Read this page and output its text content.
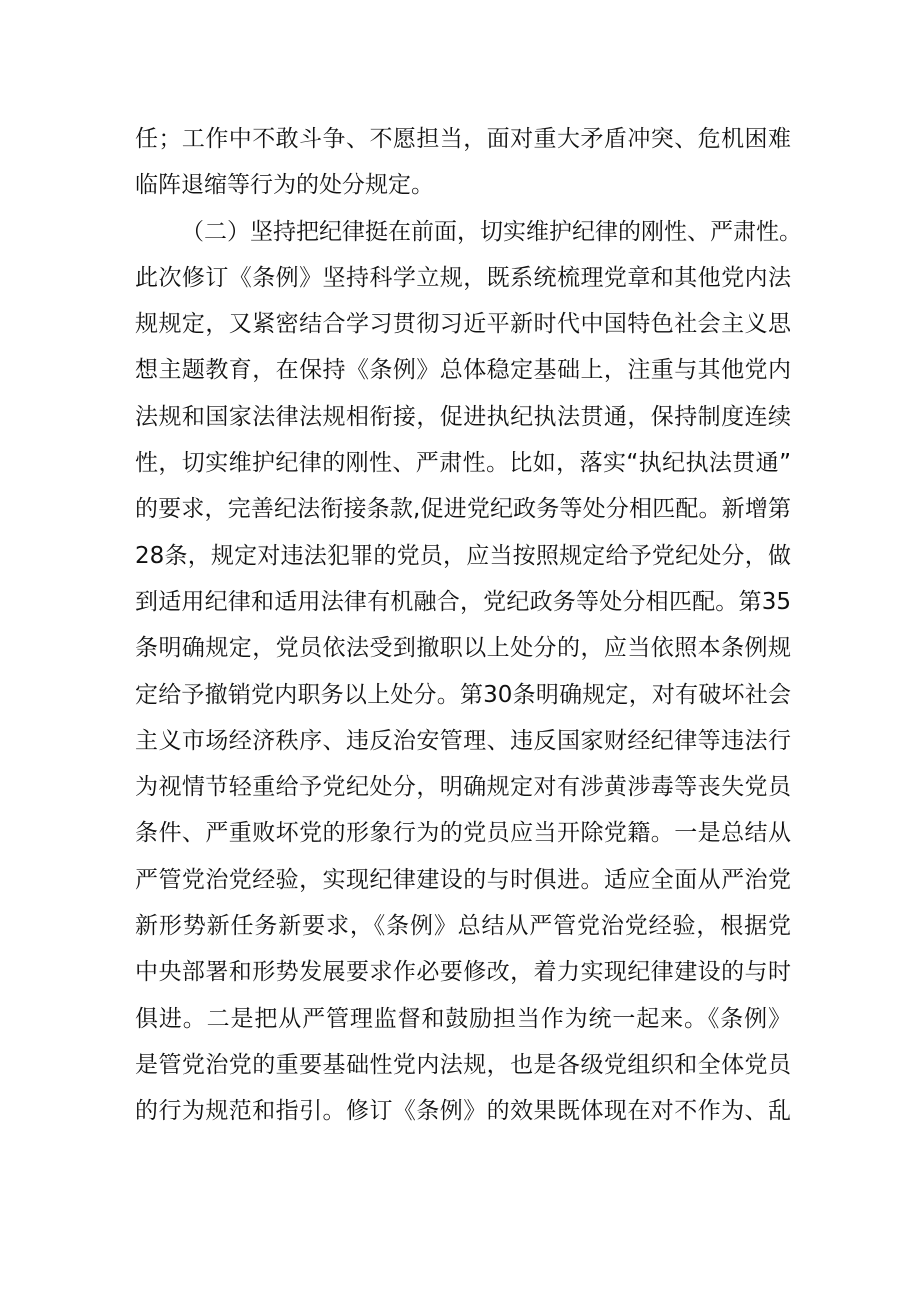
任；工作中不敢斗争、不愿担当，面对重大矛盾冲突、危机困难
临阵退缩等行为的处分规定。
（二）坚持把纪律挺在前面，切实维护纪律的刚性、严肃性。
此次修订《条例》坚持科学立规，既系统梳理党章和其他党内法
规规定，又紧密结合学习贯彻习近平新时代中国特色社会主义思
想主题教育，在保持《条例》总体稳定基础上，注重与其他党内
法规和国家法律法规相衔接，促进执纪执法贯通，保持制度连续
性，切实维护纪律的刚性、严肃性。比如，落实“执纪执法贯通”
的要求，完善纪法衔接条款,促进党纪政务等处分相匹配。新增第
28条，规定对违法犯罪的党员，应当按照规定给予党纪处分，做
到适用纪律和适用法律有机融合，党纪政务等处分相匹配。第35
条明确规定，党员依法受到撤职以上处分的，应当依照本条例规
定给予撤销党内职务以上处分。第30条明确规定，对有破坏社会
主义市场经济秩序、违反治安管理、违反国家财经纪律等违法行
为视情节轻重给予党纪处分，明确规定对有涉黄涉毒等丧失党员
条件、严重败坏党的形象行为的党员应当开除党籍。一是总结从
严管党治党经验，实现纪律建设的与时俱进。适应全面从严治党
新形势新任务新要求，《条例》总结从严管党治党经验，根据党
中央部署和形势发展要求作必要修改，着力实现纪律建设的与时
俱进。二是把从严管理监督和鼓励担当作为统一起来。《条例》
是管党治党的重要基础性党内法规，也是各级党组织和全体党员
的行为规范和指引。修订《条例》的效果既体现在对不作为、乱
